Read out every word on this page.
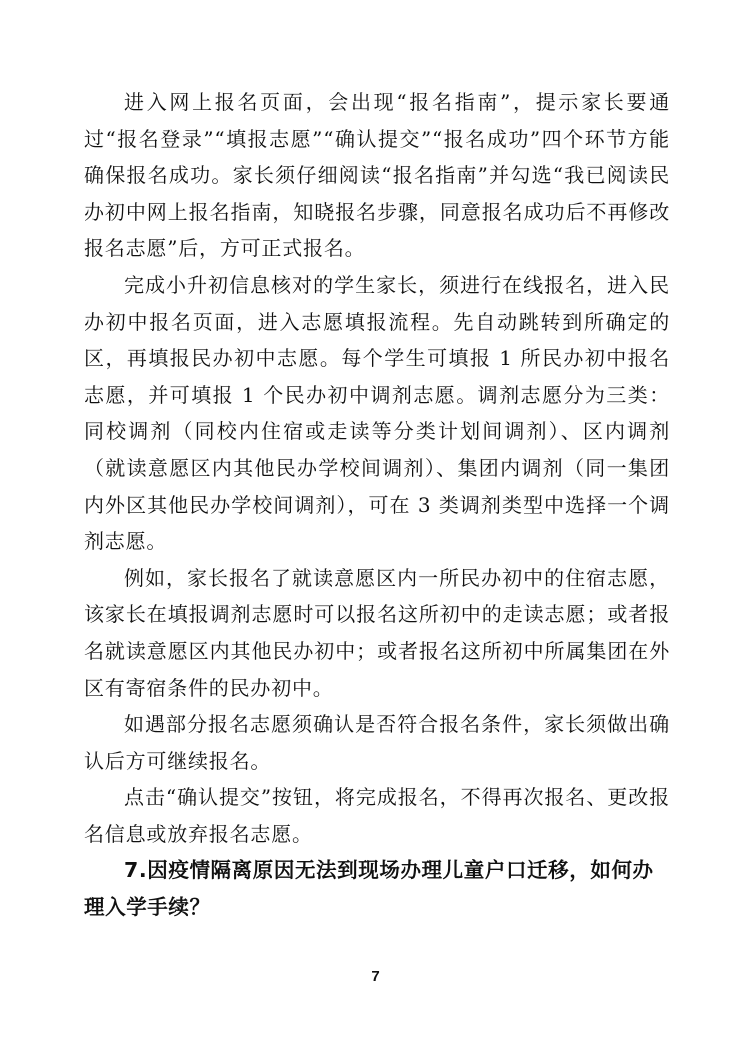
进入网上报名页面，会出现“报名指南”，提示家长要通过“报名登录”“填报志愿”“确认提交”“报名成功”四个环节方能确保报名成功。家长须仔细阅读“报名指南”并勾选“我已阅读民办初中网上报名指南，知晓报名步骤，同意报名成功后不再修改报名志愿”后，方可正式报名。

完成小升初信息核对的学生家长，须进行在线报名，进入民办初中报名页面，进入志愿填报流程。先自动跳转到所确定的区，再填报民办初中志愿。每个学生可填报 1 所民办初中报名志愿，并可填报 1 个民办初中调剂志愿。调剂志愿分为三类：同校调剂（同校内住宿或走读等分类计划间调剂）、区内调剂（就读意愿区内其他民办学校间调剂）、集团内调剂（同一集团内外区其他民办学校间调剂），可在 3 类调剂类型中选择一个调剂志愿。

例如，家长报名了就读意愿区内一所民办初中的住宿志愿，该家长在填报调剂志愿时可以报名这所初中的走读志愿；或者报名就读意愿区内其他民办初中；或者报名这所初中所属集团在外区有寄宿条件的民办初中。

如遇部分报名志愿须确认是否符合报名条件，家长须做出确认后方可继续报名。

点击“确认提交”按钮，将完成报名，不得再次报名、更改报名信息或放弃报名志愿。

7.因疫情隔离原因无法到现场办理儿童户口迁移，如何办理入学手续？

7
